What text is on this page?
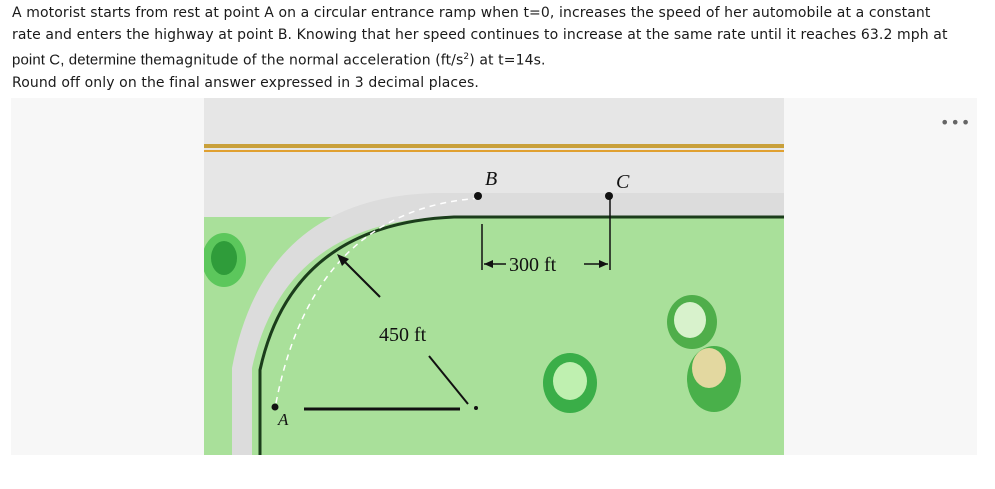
A motorist starts from rest at point A on a circular entrance ramp when t=0, increases the speed of her automobile at a constant

rate and enters the highway at point B. Knowing that her speed continues to increase at the same rate until it reaches 63.2 mph at

point C, determine themagnitude of the normal acceleration $(ft/s^2)$ at t=14s.

Round off only on the final answer expressed in 3 decimal places.

•••
B	C
A
300 ft
450 ft
